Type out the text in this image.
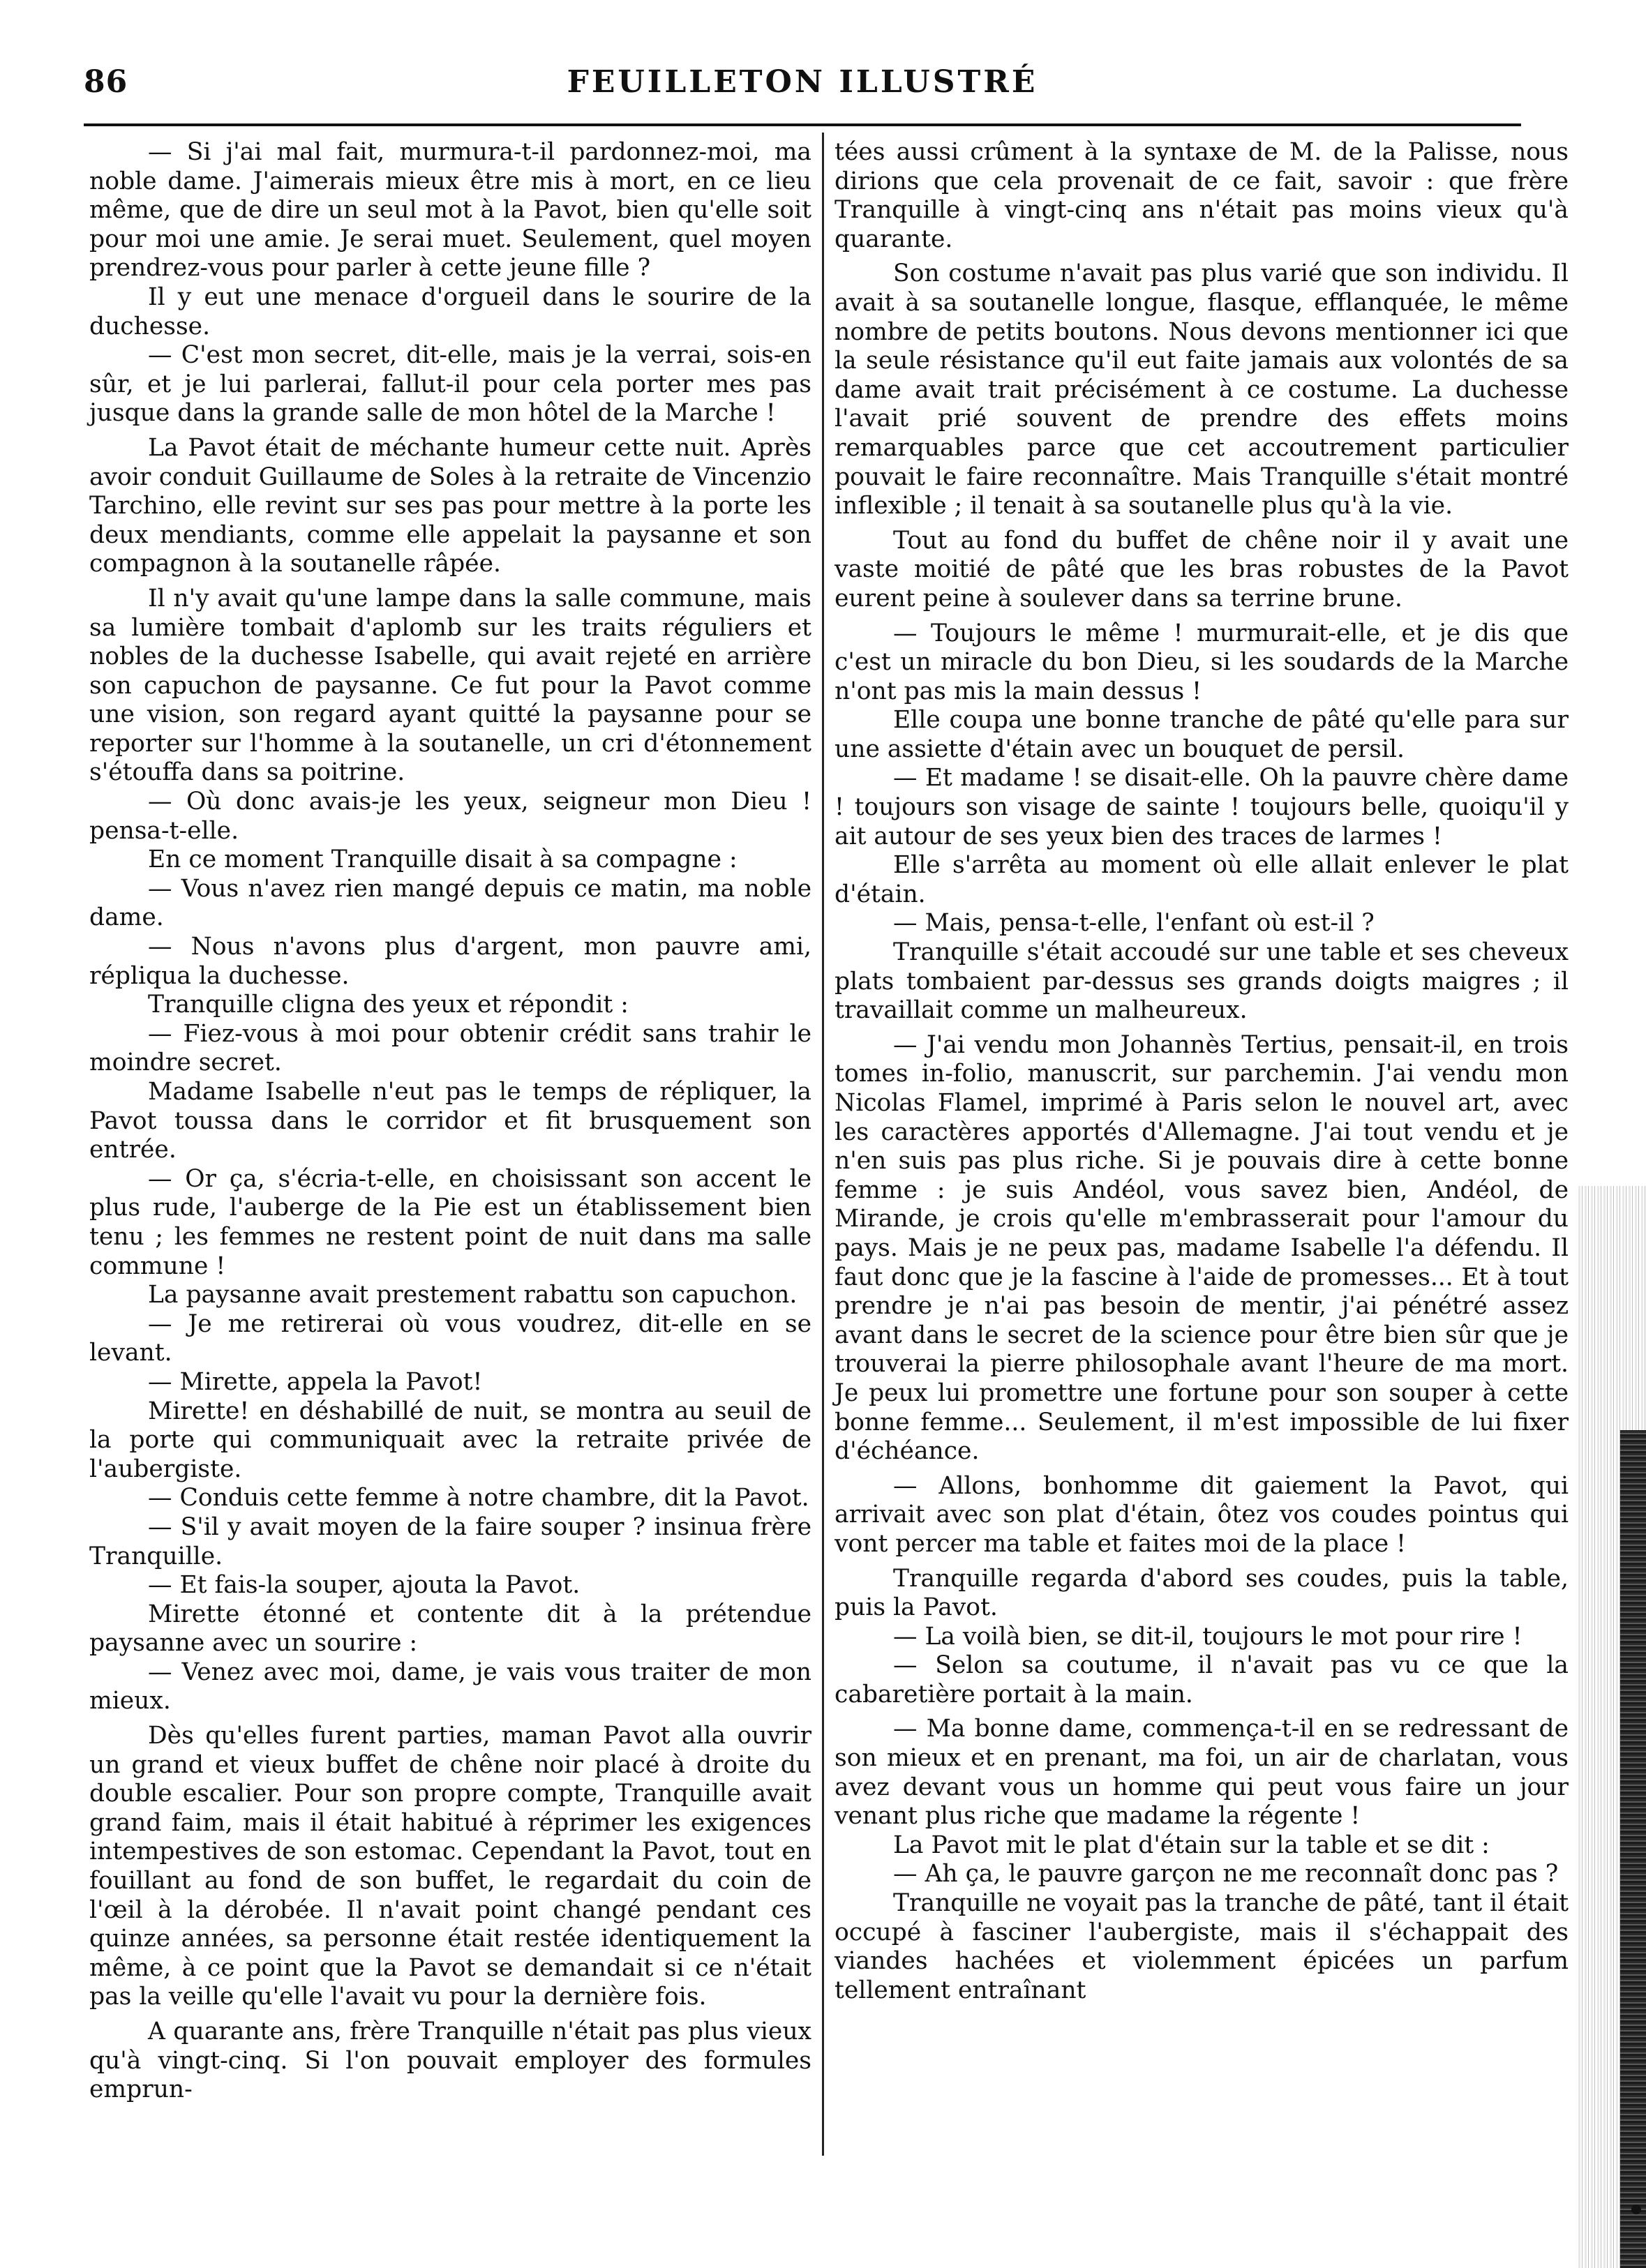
86	FEUILLETON ILLUSTRÉ

— Si j'ai mal fait, murmura-t-il pardonnez-moi, ma noble dame. J'aimerais mieux être mis à mort, en ce lieu même, que de dire un seul mot à la Pavot, bien qu'elle soit pour moi une amie. Je serai muet. Seulement, quel moyen prendrez-vous pour parler à cette jeune fille ?

Il y eut une menace d'orgueil dans le sourire de la duchesse.

— C'est mon secret, dit-elle, mais je la verrai, sois-en sûr, et je lui parlerai, fallut-il pour cela porter mes pas jusque dans la grande salle de mon hôtel de la Marche !

La Pavot était de méchante humeur cette nuit. Après avoir conduit Guillaume de Soles à la retraite de Vincenzio Tarchino, elle revint sur ses pas pour mettre à la porte les deux mendiants, comme elle appelait la paysanne et son compagnon à la soutanelle râpée.

Il n'y avait qu'une lampe dans la salle commune, mais sa lumière tombait d'aplomb sur les traits réguliers et nobles de la duchesse Isabelle, qui avait rejeté en arrière son capuchon de paysanne. Ce fut pour la Pavot comme une vision, son regard ayant quitté la paysanne pour se reporter sur l'homme à la soutanelle, un cri d'étonnement s'étouffa dans sa poitrine.

— Où donc avais-je les yeux, seigneur mon Dieu ! pensa-t-elle.

En ce moment Tranquille disait à sa compagne :

— Vous n'avez rien mangé depuis ce matin, ma noble dame.

— Nous n'avons plus d'argent, mon pauvre ami, répliqua la duchesse.

Tranquille cligna des yeux et répondit :

— Fiez-vous à moi pour obtenir crédit sans trahir le moindre secret.

Madame Isabelle n'eut pas le temps de répliquer, la Pavot toussa dans le corridor et fit brusquement son entrée.

— Or ça, s'écria-t-elle, en choisissant son accent le plus rude, l'auberge de la Pie est un établissement bien tenu ; les femmes ne restent point de nuit dans ma salle commune !

La paysanne avait prestement rabattu son capuchon.

— Je me retirerai où vous voudrez, dit-elle en se levant.

— Mirette, appela la Pavot!

Mirette! en déshabillé de nuit, se montra au seuil de la porte qui communiquait avec la retraite privée de l'aubergiste.

— Conduis cette femme à notre chambre, dit la Pavot.

— S'il y avait moyen de la faire souper ? insinua frère Tranquille.

— Et fais-la souper, ajouta la Pavot.

Mirette étonné et contente dit à la prétendue paysanne avec un sourire :

— Venez avec moi, dame, je vais vous traiter de mon mieux.

Dès qu'elles furent parties, maman Pavot alla ouvrir un grand et vieux buffet de chêne noir placé à droite du double escalier. Pour son propre compte, Tranquille avait grand faim, mais il était habitué à réprimer les exigences intempestives de son estomac. Cependant la Pavot, tout en fouillant au fond de son buffet, le regardait du coin de l'œil à la dérobée. Il n'avait point changé pendant ces quinze années, sa personne était restée identiquement la même, à ce point que la Pavot se demandait si ce n'était pas la veille qu'elle l'avait vu pour la dernière fois.

A quarante ans, frère Tranquille n'était pas plus vieux qu'à vingt-cinq. Si l'on pouvait employer des formules emprun-

tées aussi crûment à la syntaxe de M. de la Palisse, nous dirions que cela provenait de ce fait, savoir : que frère Tranquille à vingt-cinq ans n'était pas moins vieux qu'à quarante.

Son costume n'avait pas plus varié que son individu. Il avait à sa soutanelle longue, flasque, efflanquée, le même nombre de petits boutons. Nous devons mentionner ici que la seule résistance qu'il eut faite jamais aux volontés de sa dame avait trait précisément à ce costume. La duchesse l'avait prié souvent de prendre des effets moins remarquables parce que cet accoutrement particulier pouvait le faire reconnaître. Mais Tranquille s'était montré inflexible ; il tenait à sa soutanelle plus qu'à la vie.

Tout au fond du buffet de chêne noir il y avait une vaste moitié de pâté que les bras robustes de la Pavot eurent peine à soulever dans sa terrine brune.

— Toujours le même ! murmurait-elle, et je dis que c'est un miracle du bon Dieu, si les soudards de la Marche n'ont pas mis la main dessus !

Elle coupa une bonne tranche de pâté qu'elle para sur une assiette d'étain avec un bouquet de persil.

— Et madame ! se disait-elle. Oh la pauvre chère dame ! toujours son visage de sainte ! toujours belle, quoiqu'il y ait autour de ses yeux bien des traces de larmes !

Elle s'arrêta au moment où elle allait enlever le plat d'étain.

— Mais, pensa-t-elle, l'enfant où est-il ?

Tranquille s'était accoudé sur une table et ses cheveux plats tombaient par-dessus ses grands doigts maigres ; il travaillait comme un malheureux.

— J'ai vendu mon Johannès Tertius, pensait-il, en trois tomes in-folio, manuscrit, sur parchemin. J'ai vendu mon Nicolas Flamel, imprimé à Paris selon le nouvel art, avec les caractères apportés d'Allemagne. J'ai tout vendu et je n'en suis pas plus riche. Si je pouvais dire à cette bonne femme : je suis Andéol, vous savez bien, Andéol, de Mirande, je crois qu'elle m'embrasserait pour l'amour du pays. Mais je ne peux pas, madame Isabelle l'a défendu. Il faut donc que je la fascine à l'aide de promesses... Et à tout prendre je n'ai pas besoin de mentir, j'ai pénétré assez avant dans le secret de la science pour être bien sûr que je trouverai la pierre philosophale avant l'heure de ma mort. Je peux lui promettre une fortune pour son souper à cette bonne femme... Seulement, il m'est impossible de lui fixer d'échéance.

— Allons, bonhomme dit gaiement la Pavot, qui arrivait avec son plat d'étain, ôtez vos coudes pointus qui vont percer ma table et faites moi de la place !

Tranquille regarda d'abord ses coudes, puis la table, puis la Pavot.

— La voilà bien, se dit-il, toujours le mot pour rire !

— Selon sa coutume, il n'avait pas vu ce que la cabaretière portait à la main.

— Ma bonne dame, commença-t-il en se redressant de son mieux et en prenant, ma foi, un air de charlatan, vous avez devant vous un homme qui peut vous faire un jour venant plus riche que madame la régente !

La Pavot mit le plat d'étain sur la table et se dit :

— Ah ça, le pauvre garçon ne me reconnaît donc pas ?

Tranquille ne voyait pas la tranche de pâté, tant il était occupé à fasciner l'aubergiste, mais il s'échappait des viandes hachées et violemment épicées un parfum tellement entraînant
